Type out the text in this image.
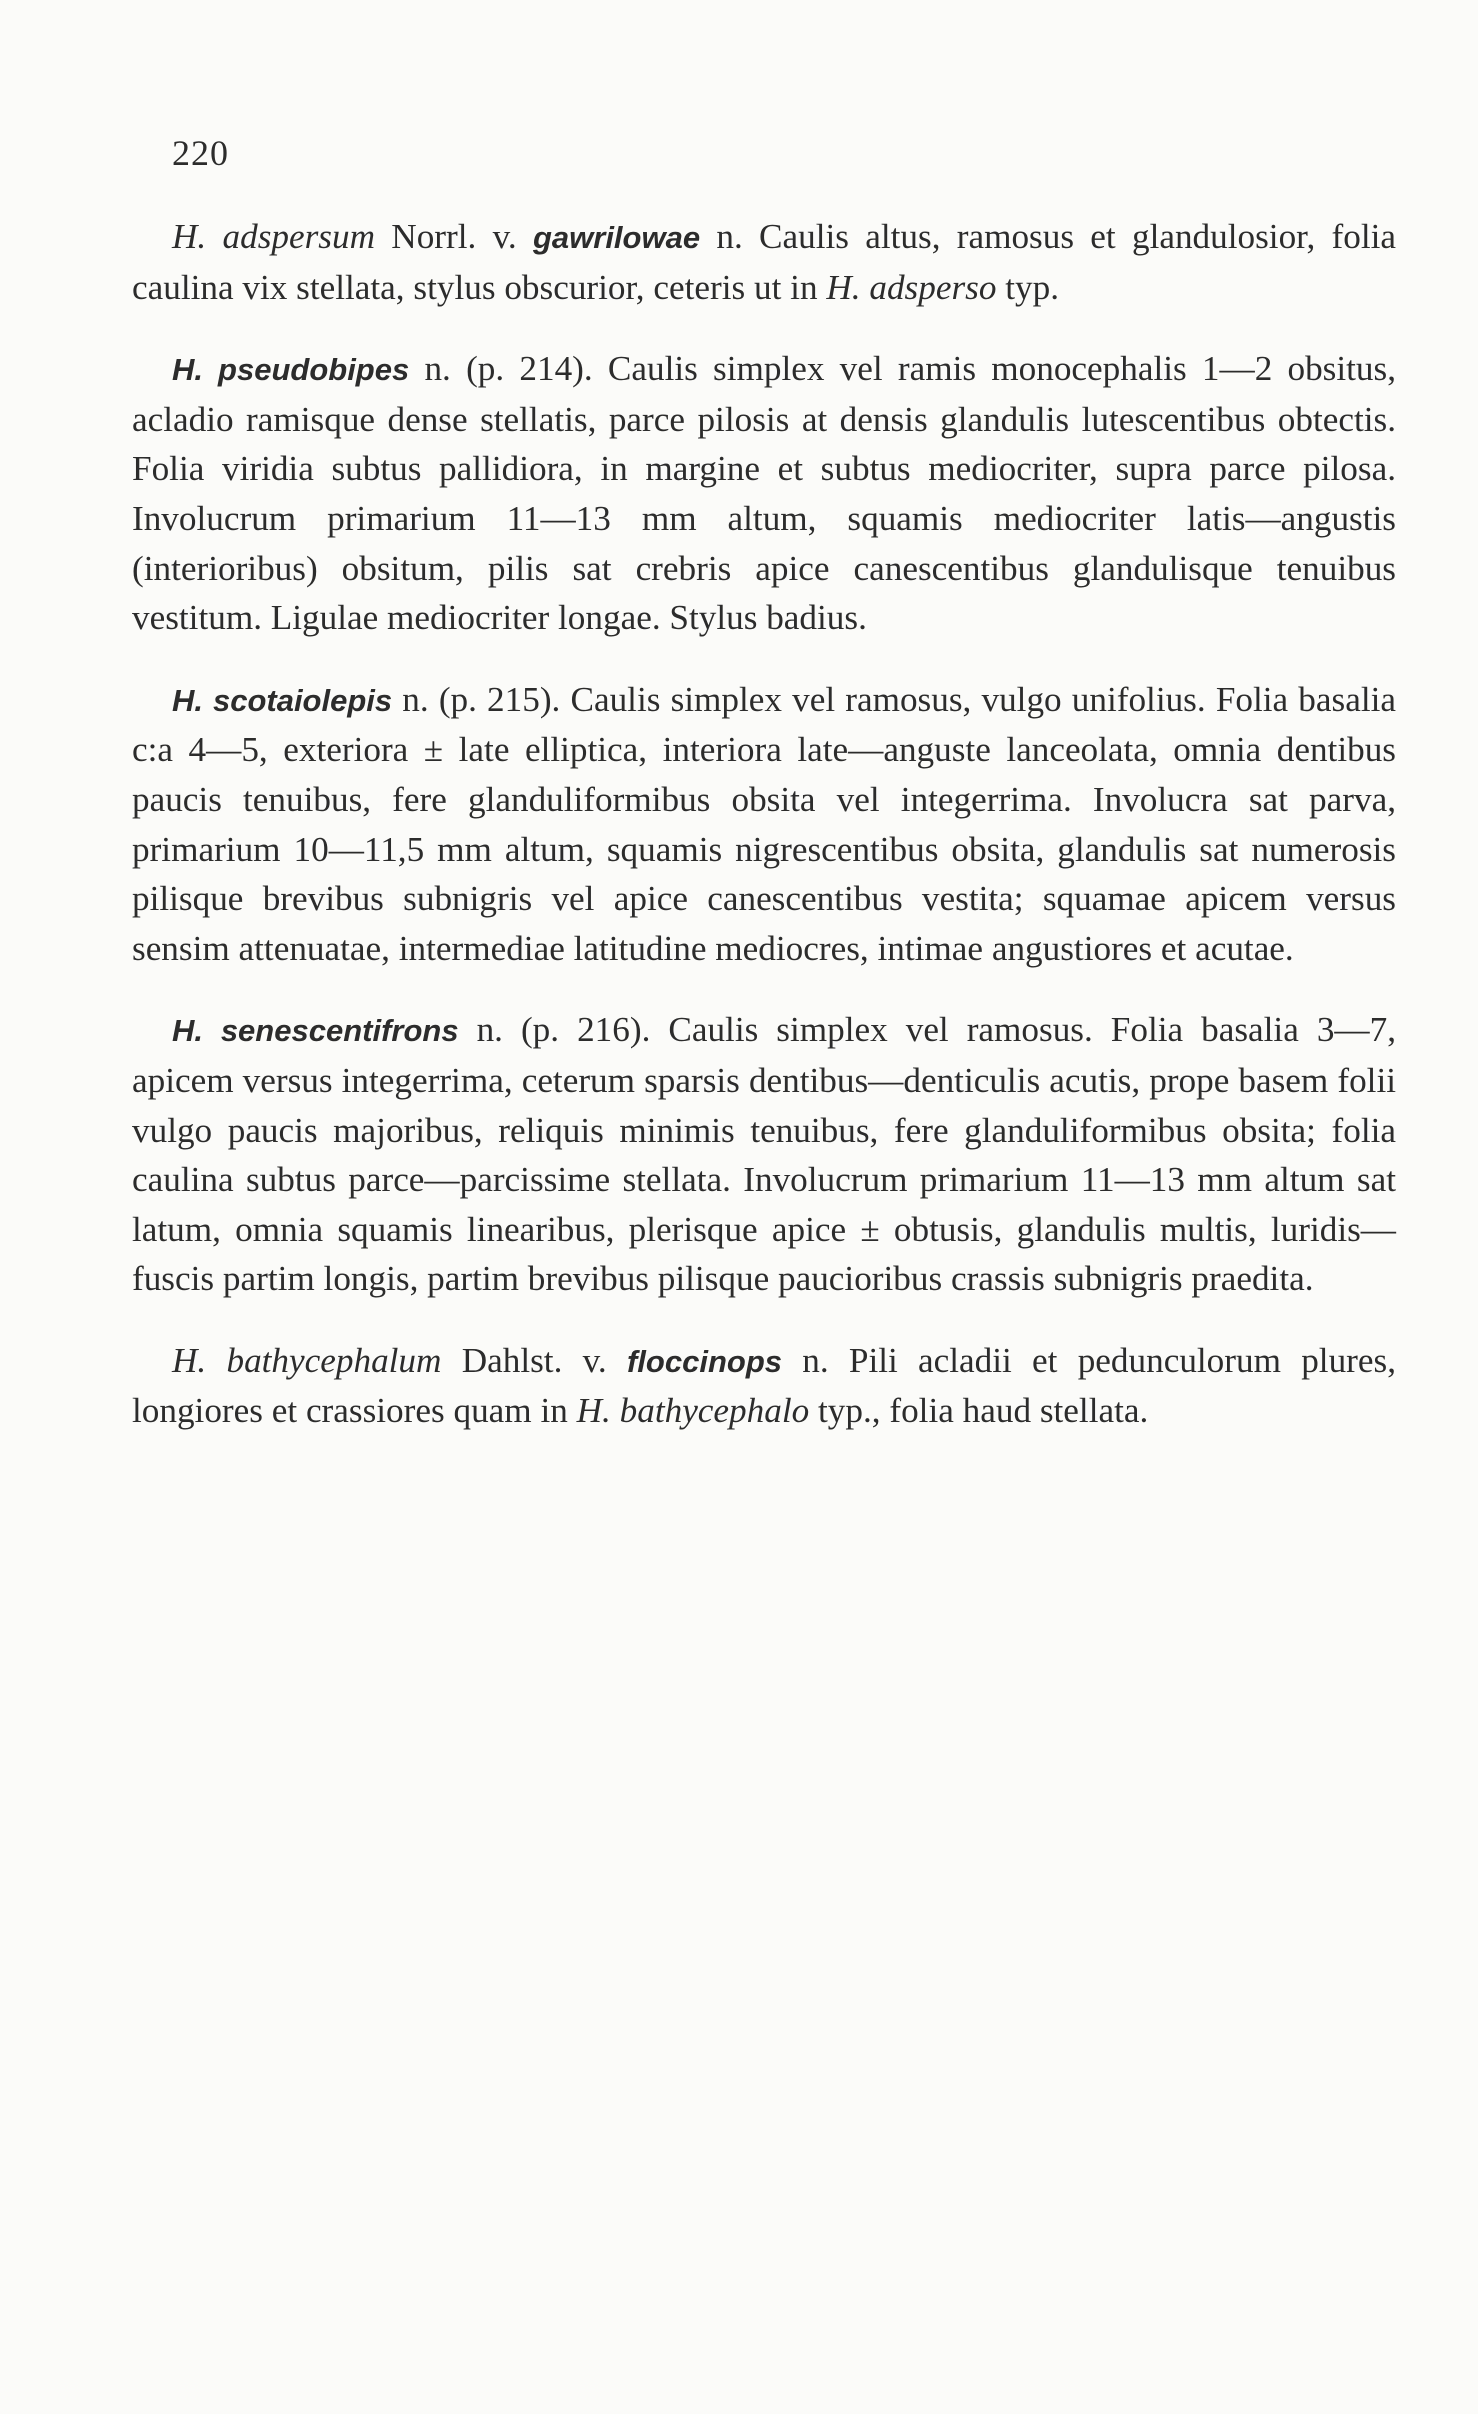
220

H. adspersum Norrl. v. gawrilowae n. Caulis altus, ramosus et glandulosior, folia caulina vix stellata, stylus obscurior, ceteris ut in H. adsperso typ.

H. pseudobipes n. (p. 214). Caulis simplex vel ramis monocephalis 1—2 obsitus, acladio ramisque dense stellatis, parce pilosis at densis glandulis lutescentibus obtectis. Folia viridia subtus pallidiora, in margine et subtus mediocriter, supra parce pilosa. Involucrum primarium 11—13 mm altum, squamis mediocriter latis—angustis (interioribus) obsitum, pilis sat crebris apice canescentibus glandulisque tenuibus vestitum. Ligulae mediocriter longae. Stylus badius.

H. scotaiolepis n. (p. 215). Caulis simplex vel ramosus, vulgo unifolius. Folia basalia c:a 4—5, exteriora ± late elliptica, interiora late—anguste lanceolata, omnia dentibus paucis tenuibus, fere glanduliformibus obsita vel integerrima. Involucra sat parva, primarium 10—11,5 mm altum, squamis nigrescentibus obsita, glandulis sat numerosis pilisque brevibus subnigris vel apice canescentibus vestita; squamae apicem versus sensim attenuatae, intermediae latitudine mediocres, intimae angustiores et acutae.

H. senescentifrons n. (p. 216). Caulis simplex vel ramosus. Folia basalia 3—7, apicem versus integerrima, ceterum sparsis dentibus—denticulis acutis, prope basem folii vulgo paucis majoribus, reliquis minimis tenuibus, fere glanduliformibus obsita; folia caulina subtus parce—parcissime stellata. Involucrum primarium 11—13 mm altum sat latum, omnia squamis linearibus, plerisque apice ± obtusis, glandulis multis, luridis—fuscis partim longis, partim brevibus pilisque paucioribus crassis subnigris praedita.

H. bathycephalum Dahlst. v. floccinops n. Pili acladii et pedunculorum plures, longiores et crassiores quam in H. bathycephalo typ., folia haud stellata.
